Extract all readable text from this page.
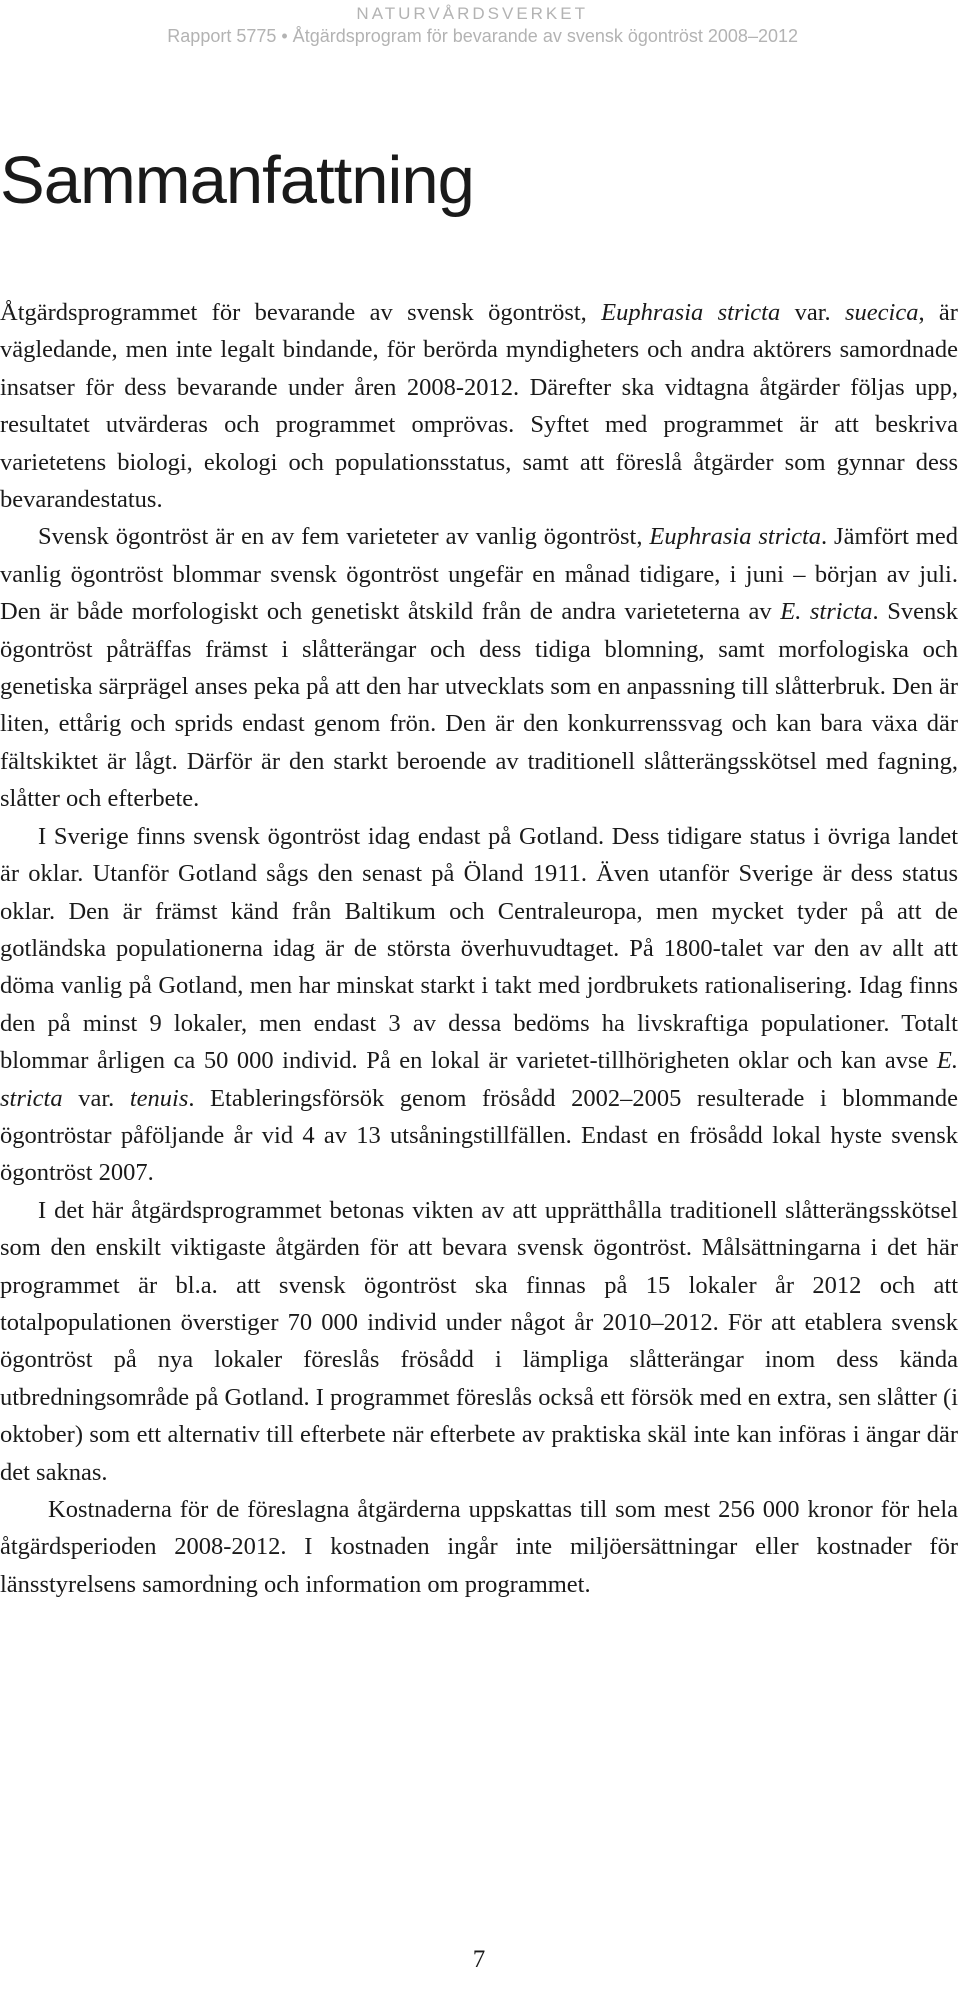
NATURVÅRDSVERKET
Rapport 5775 • Åtgärdsprogram för bevarande av svensk ögontröst 2008–2012
Sammanfattning

Åtgärdsprogrammet för bevarande av svensk ögontröst, Euphrasia stricta var. suecica, är vägledande, men inte legalt bindande, för berörda myndigheters och andra aktörers samordnade insatser för dess bevarande under åren 2008-2012. Därefter ska vidtagna åtgärder följas upp, resultatet utvärderas och programmet omprövas. Syftet med programmet är att beskriva varietetens biologi, ekologi och populationsstatus, samt att föreslå åtgärder som gynnar dess bevarandestatus.

Svensk ögontröst är en av fem varieteter av vanlig ögontröst, Euphrasia stricta. Jämfört med vanlig ögontröst blommar svensk ögontröst ungefär en månad tidigare, i juni – början av juli. Den är både morfologiskt och genetiskt åtskild från de andra varieteterna av E. stricta. Svensk ögontröst påträffas främst i slåtterängar och dess tidiga blomning, samt morfologiska och genetiska särprägel anses peka på att den har utvecklats som en anpassning till slåtterbruk. Den är liten, ettårig och sprids endast genom frön. Den är den konkurrenssvag och kan bara växa där fältskiktet är lågt. Därför är den starkt beroende av traditionell slåtterängsskötsel med fagning, slåtter och efterbete.

I Sverige finns svensk ögontröst idag endast på Gotland. Dess tidigare status i övriga landet är oklar. Utanför Gotland sågs den senast på Öland 1911. Även utanför Sverige är dess status oklar. Den är främst känd från Baltikum och Centraleuropa, men mycket tyder på att de gotländska populationerna idag är de största överhuvudtaget. På 1800-talet var den av allt att döma vanlig på Gotland, men har minskat starkt i takt med jordbrukets rationalisering. Idag finns den på minst 9 lokaler, men endast 3 av dessa bedöms ha livskraftiga populationer. Totalt blommar årligen ca 50 000 individ. På en lokal är varietet-tillhörigheten oklar och kan avse E. stricta var. tenuis. Etableringsförsök genom frösådd 2002–2005 resulterade i blommande ögontröstar påföljande år vid 4 av 13 utsåningstillfällen. Endast en frösådd lokal hyste svensk ögontröst 2007.

I det här åtgärdsprogrammet betonas vikten av att upprätthålla traditionell slåtterängsskötsel som den enskilt viktigaste åtgärden för att bevara svensk ögontröst. Målsättningarna i det här programmet är bl.a. att svensk ögontröst ska finnas på 15 lokaler år 2012 och att totalpopulationen överstiger 70 000 individ under något år 2010–2012. För att etablera svensk ögontröst på nya lokaler föreslås frösådd i lämpliga slåtterängar inom dess kända utbredningsområde på Gotland. I programmet föreslås också ett försök med en extra, sen slåtter (i oktober) som ett alternativ till efterbete när efterbete av praktiska skäl inte kan införas i ängar där det saknas.

Kostnaderna för de föreslagna åtgärderna uppskattas till som mest 256 000 kronor för hela åtgärdsperioden 2008-2012. I kostnaden ingår inte miljöersättningar eller kostnader för länsstyrelsens samordning och information om programmet.

7
